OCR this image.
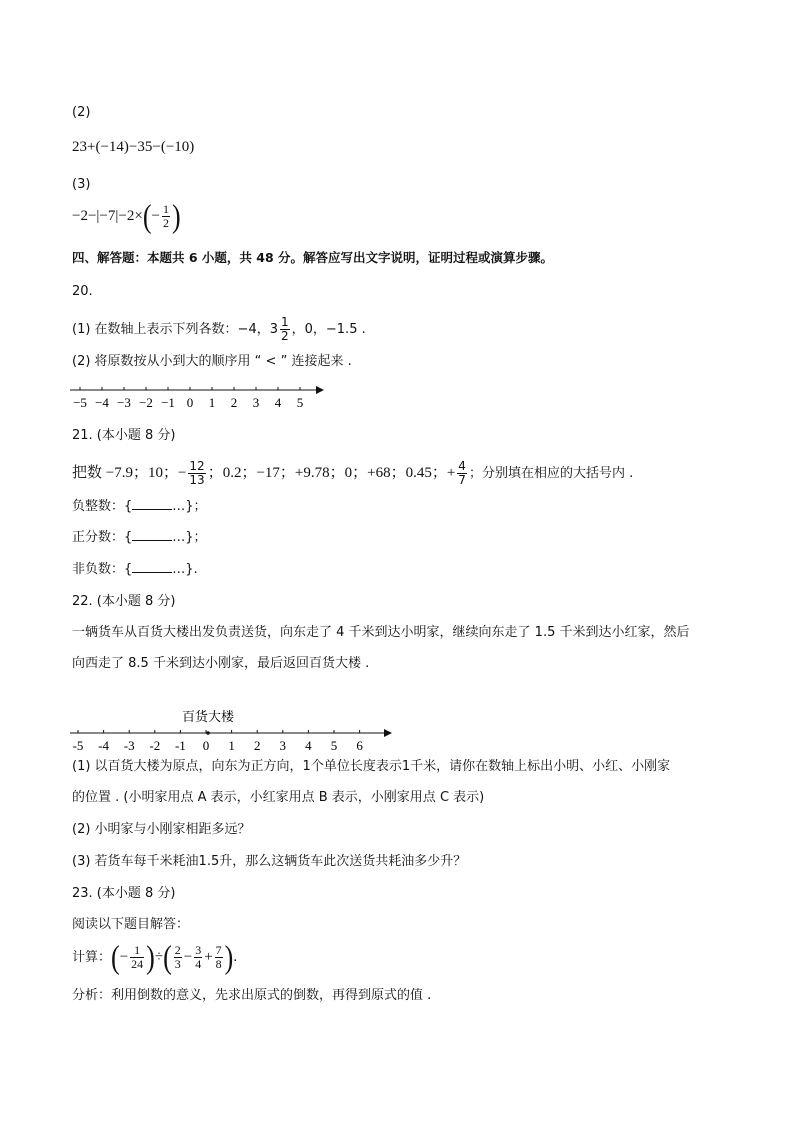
(2)
23+(−14)−35−(−10)
(3)
$-2-|-7|-2\times(- \frac{1}{2}$ )
四、解答题：本题共 6 小题，共 48 分。解答应写出文字说明，证明过程或演算步骤。
20.
(1) 在数轴上表示下列各数：−4，$3 \frac{1}{2}$ ，0，−1.5 .
(2) 将原数按从小到大的顺序用 “ < ” 连接起来 .
−5 −4 −3 −2 −1 0 1 2 3 4 5
21. (本小题 8 分)
把数 −7.9；10；− $\frac{12}{13}$ ；0.2；−17；+9.78；0；+68；0.45；+ $\frac{4}{7}$ ；分别填在相应的大括号内 .
负整数：{	…}；
正分数：{	…}；
非负数：{	…}.
22. (本小题 8 分)
一辆货车从百货大楼出发负责送货，向东走了 4 千米到达小明家，继续向东走了 1.5 千米到达小红家，然后
向西走了 8.5 千米到达小刚家，最后返回百货大楼 .
百货大楼
-5 -4 -3 -2 -1 0 1 2 3 4 5 6
(1) 以百货大楼为原点，向东为正方向，1个单位长度表示1千米，请你在数轴上标出小明、小红、小刚家
的位置 . (小明家用点 A 表示，小红家用点 B 表示，小刚家用点 C 表示)
(2) 小明家与小刚家相距多远？
(3) 若货车每千米耗油1.5升，那么这辆货车此次送货共耗油多少升？
23. (本小题 8 分)
阅读以下题目解答：
计算：(− $\frac{1}{24}$ )÷( $\frac{2}{3} - \frac{3}{4} + \frac{7}{8}$ ).
分析：利用倒数的意义，先求出原式的倒数，再得到原式的值 .
